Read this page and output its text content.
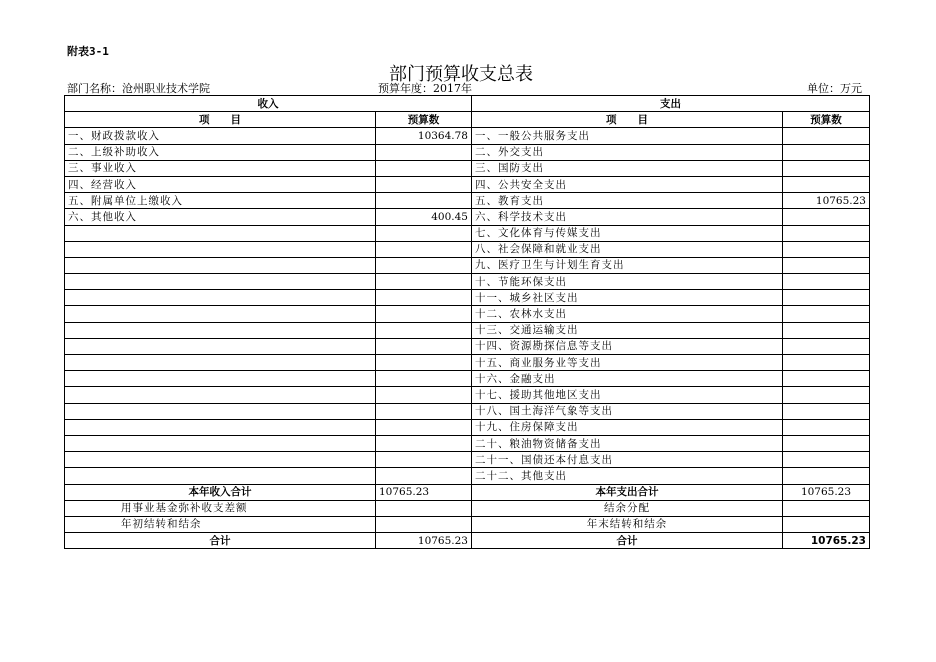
附表3-1
部门预算收支总表
部门名称：沧州职业技术学院	预算年度：2017年	单位：万元
收入		支出	
项　　目	预算数	项　　目	预算数
一、财政拨款收入	10364.78	一、一般公共服务支出	
二、上级补助收入		二、外交支出	
三、事业收入		三、国防支出	
四、经营收入		四、公共安全支出	
五、附属单位上缴收入		五、教育支出	10765.23
六、其他收入	400.45	六、科学技术支出	
		七、文化体育与传媒支出	
		八、社会保障和就业支出	
		九、医疗卫生与计划生育支出	
		十、节能环保支出	
		十一、城乡社区支出	
		十二、农林水支出	
		十三、交通运输支出	
		十四、资源勘探信息等支出	
		十五、商业服务业等支出	
		十六、金融支出	
		十七、援助其他地区支出	
		十八、国土海洋气象等支出	
		十九、住房保障支出	
		二十、粮油物资储备支出	
		二十一、国债还本付息支出	
		二十二、其他支出	
本年收入合计	10765.23	本年支出合计	10765.23
用事业基金弥补收支差额		结余分配	
年初结转和结余		年末结转和结余	
合计	10765.23	合计	10765.23
